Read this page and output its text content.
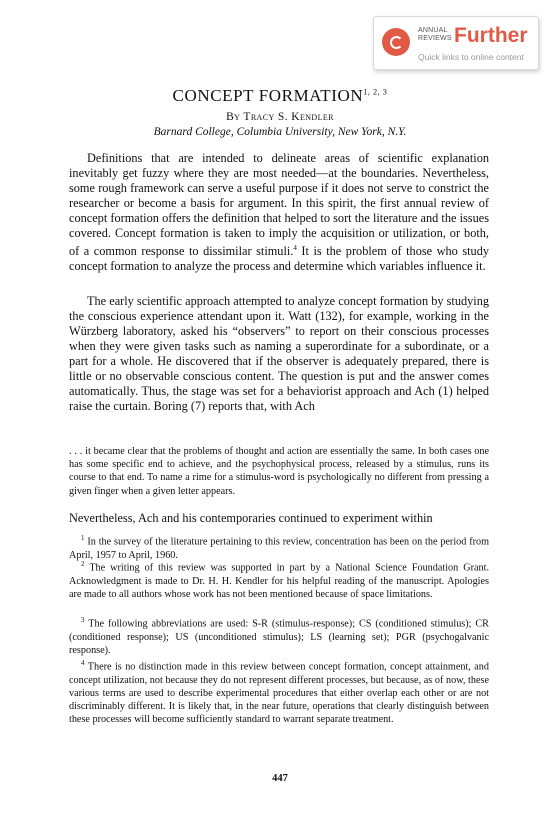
ANNUAL
REVIEWS Further
Quick links to online content
CONCEPT FORMATION$^{1, 2, 3}$
By Tracy S. Kendler
Barnard College, Columbia University, New York, N.Y.

Definitions that are intended to delineate areas of scientific explanation inevitably get fuzzy where they are most needed—at the boundaries. Nevertheless, some rough framework can serve a useful purpose if it does not serve to constrict the researcher or become a basis for argument. In this spirit, the first annual review of concept formation offers the definition that helped to sort the literature and the issues covered. Concept formation is taken to imply the acquisition or utilization, or both, of a common response to dissimilar stimuli.$^4$ It is the problem of those who study concept formation to analyze the process and determine which variables influence it.

The early scientific approach attempted to analyze concept formation by studying the conscious experience attendant upon it. Watt (132), for example, working in the Würzberg laboratory, asked his “observers” to report on their conscious processes when they were given tasks such as naming a superordinate for a subordinate, or a part for a whole. He discovered that if the observer is adequately prepared, there is little or no observable conscious content. The question is put and the answer comes automatically. Thus, the stage was set for a behaviorist approach and Ach (1) helped raise the curtain. Boring (7) reports that, with Ach

. . . it became clear that the problems of thought and action are essentially the same. In both cases one has some specific end to achieve, and the psychophysical process, released by a stimulus, runs its course to that end. To name a rime for a stimulus-word is psychologically no different from pressing a given finger when a given letter appears.

Nevertheless, Ach and his contemporaries continued to experiment within

$^1$ In the survey of the literature pertaining to this review, concentration has been on the period from April, 1957 to April, 1960.

$^2$ The writing of this review was supported in part by a National Science Foundation Grant. Acknowledgment is made to Dr. H. H. Kendler for his helpful reading of the manuscript. Apologies are made to all authors whose work has not been mentioned because of space limitations.

$^3$ The following abbreviations are used: S-R (stimulus-response); CS (conditioned stimulus); CR (conditioned response); US (unconditioned stimulus); LS (learning set); PGR (psychogalvanic response).

$^4$ There is no distinction made in this review between concept formation, concept attainment, and concept utilization, not because they do not represent different processes, but because, as of now, these various terms are used to describe experimental procedures that either overlap each other or are not discriminably different. It is likely that, in the near future, operations that clearly distinguish between these processes will become sufficiently standard to warrant separate treatment.

447
